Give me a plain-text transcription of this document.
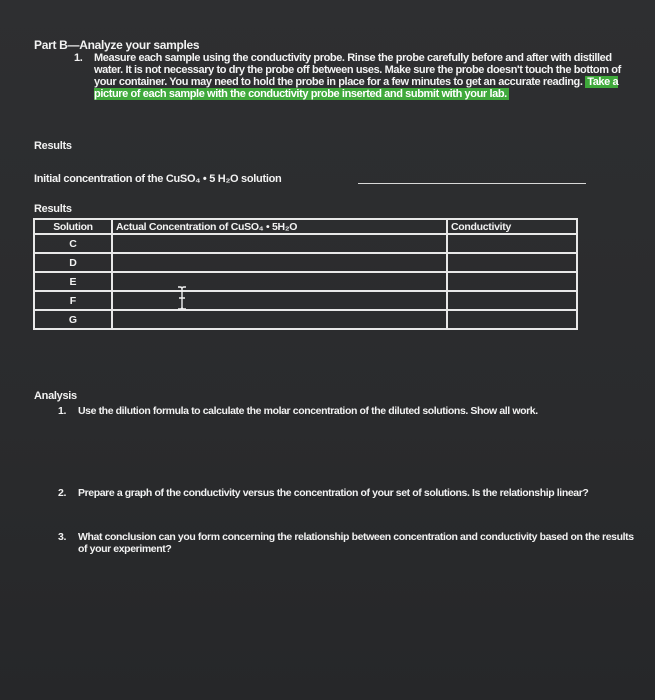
Part B—Analyze your samples
1. Measure each sample using the conductivity probe. Rinse the probe carefully before and after with distilled water. It is not necessary to dry the probe off between uses. Make sure the probe doesn't touch the bottom of your container. You may need to hold the probe in place for a few minutes to get an accurate reading. Take a picture of each sample with the conductivity probe inserted and submit with your lab.
Results
Initial concentration of the CuSO₄ • 5 H₂O solution
Results
Solution	Actual Concentration of CuSO₄ • 5H₂O	Conductivity
C		
D		
E		
F		
G		
Analysis
1. Use the dilution formula to calculate the molar concentration of the diluted solutions. Show all work.
2. Prepare a graph of the conductivity versus the concentration of your set of solutions. Is the relationship linear?
3. What conclusion can you form concerning the relationship between concentration and conductivity based on the results of your experiment?
